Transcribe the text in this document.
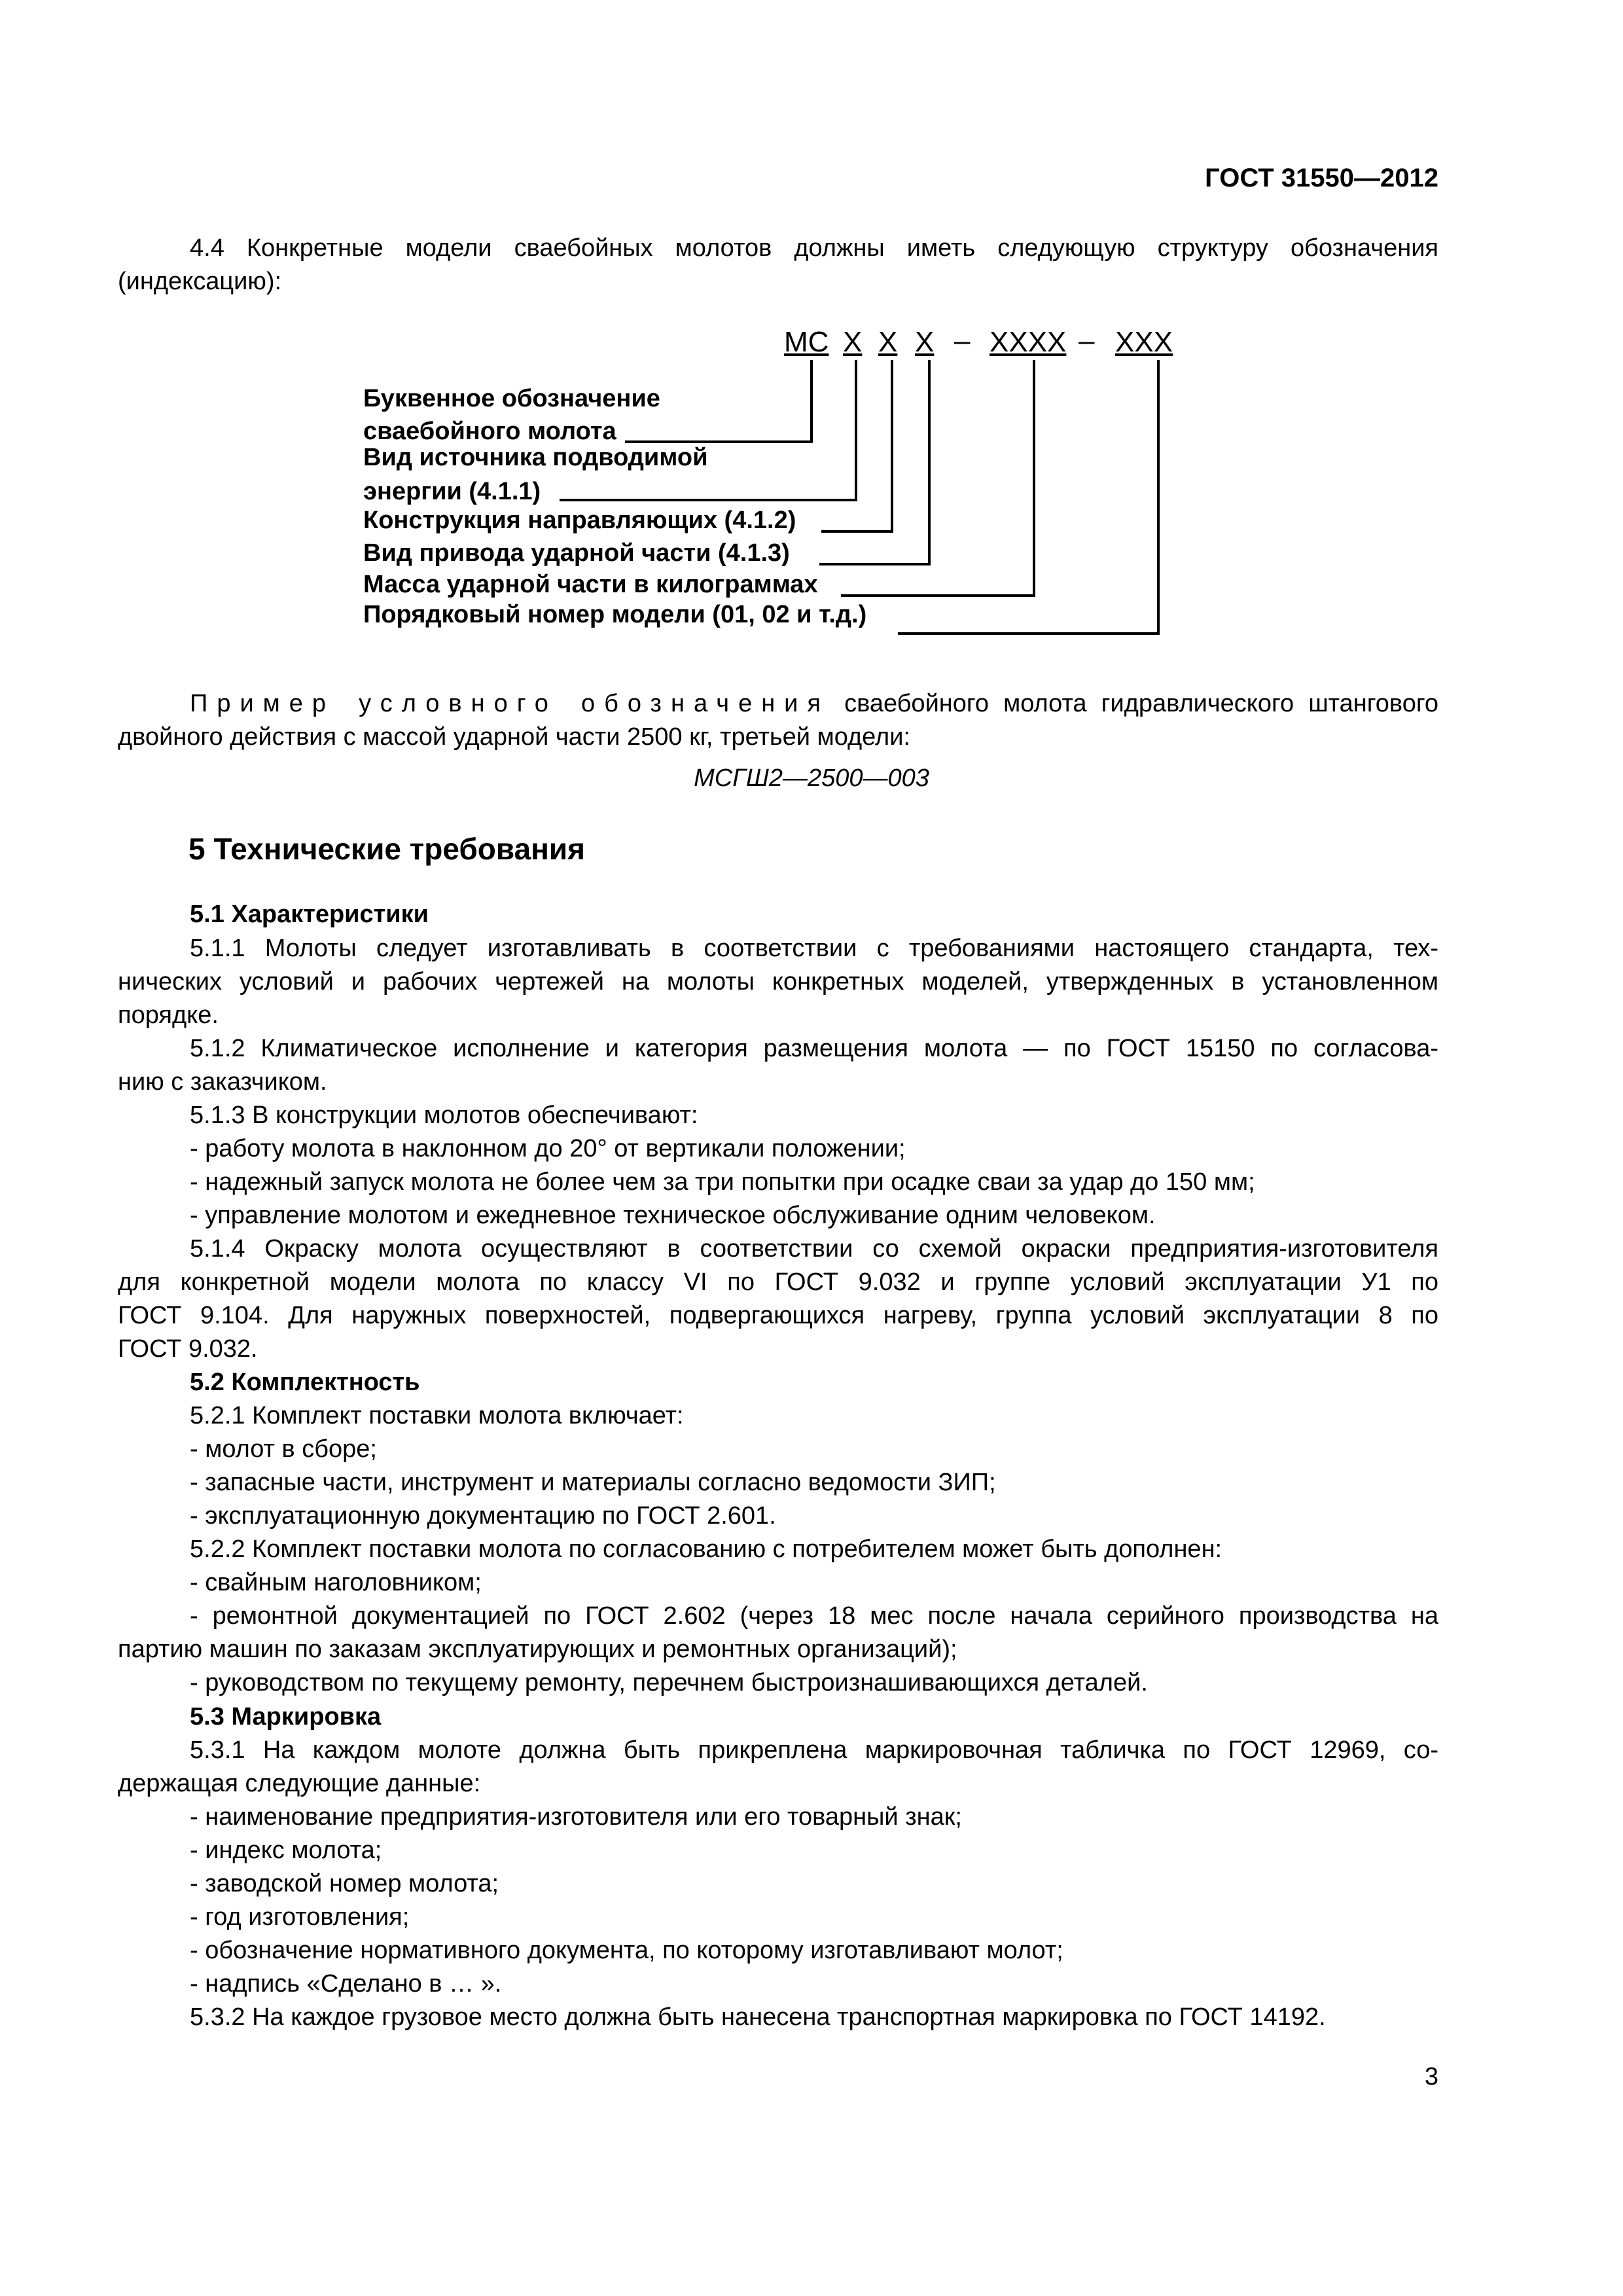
ГОСТ 31550—2012

4.4 Конкретные модели сваебойных молотов должны иметь следующую структуру обозначения

(индексацию):

МС Х Х Х – ХХХХ – ХХХ
Буквенное обозначение
сваебойного молота
Вид источника подводимой
энергии (4.1.1)
Конструкция направляющих (4.1.2)
Вид привода ударной части (4.1.3)
Масса ударной части в килограммах
Порядковый номер модели (01, 02 и т.д.)

Пример условного обозначения сваебойного молота гидравлического штангового

двойного действия с массой ударной части 2500 кг, третьей модели:

МСГШ2—2500—003
5 Технические требования
5.1 Характеристики

5.1.1 Молоты следует изготавливать в соответствии с требованиями настоящего стандарта, тех-

нических условий и рабочих чертежей на молоты конкретных моделей, утвержденных в установленном

порядке.

5.1.2 Климатическое исполнение и категория размещения молота — по ГОСТ 15150 по согласова-

нию с заказчиком.

5.1.3 В конструкции молотов обеспечивают:
- работу молота в наклонном до 20° от вертикали положении;
- надежный запуск молота не более чем за три попытки при осадке сваи за удар до 150 мм;
- управление молотом и ежедневное техническое обслуживание одним человеком.

5.1.4 Окраску молота осуществляют в соответствии со схемой окраски предприятия-изготовителя

для конкретной модели молота по классу VI по ГОСТ 9.032 и группе условий эксплуатации У1 по

ГОСТ 9.104. Для наружных поверхностей, подвергающихся нагреву, группа условий эксплуатации 8 по

ГОСТ 9.032.

5.2 Комплектность
5.2.1 Комплект поставки молота включает:
- молот в сборе;
- запасные части, инструмент и материалы согласно ведомости ЗИП;
- эксплуатационную документацию по ГОСТ 2.601.
5.2.2 Комплект поставки молота по согласованию с потребителем может быть дополнен:
- свайным наголовником;

- ремонтной документацией по ГОСТ 2.602 (через 18 мес после начала серийного производства на

партию машин по заказам эксплуатирующих и ремонтных организаций);

- руководством по текущему ремонту, перечнем быстроизнашивающихся деталей.
5.3 Маркировка

5.3.1 На каждом молоте должна быть прикреплена маркировочная табличка по ГОСТ 12969, со-

держащая следующие данные:

- наименование предприятия-изготовителя или его товарный знак;
- индекс молота;
- заводской номер молота;
- год изготовления;
- обозначение нормативного документа, по которому изготавливают молот;
- надпись «Сделано в … ».
5.3.2 На каждое грузовое место должна быть нанесена транспортная маркировка по ГОСТ 14192.
3
